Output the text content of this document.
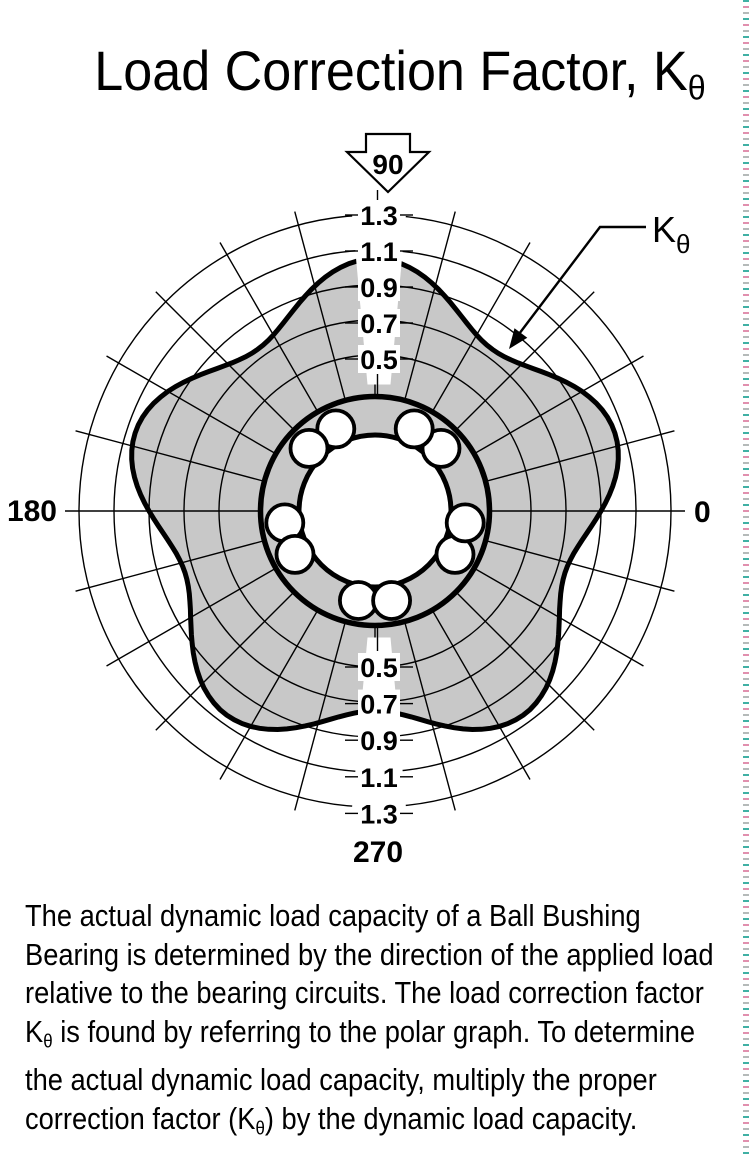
1.3
1.1
0.9
0.7
0.5
0.5
0.7
0.9
1.1
1.3
90
180	0
270
$K_\theta$
Load Correction Factor, $K_\theta$
The actual dynamic load capacity of a Ball Bushing
Bearing is determined by the direction of the applied load
relative to the bearing circuits. The load correction factor
$K_\theta$ is found by referring to the polar graph. To determine
the actual dynamic load capacity, multiply the proper
correction factor $(K_\theta)$ by the dynamic load capacity.
